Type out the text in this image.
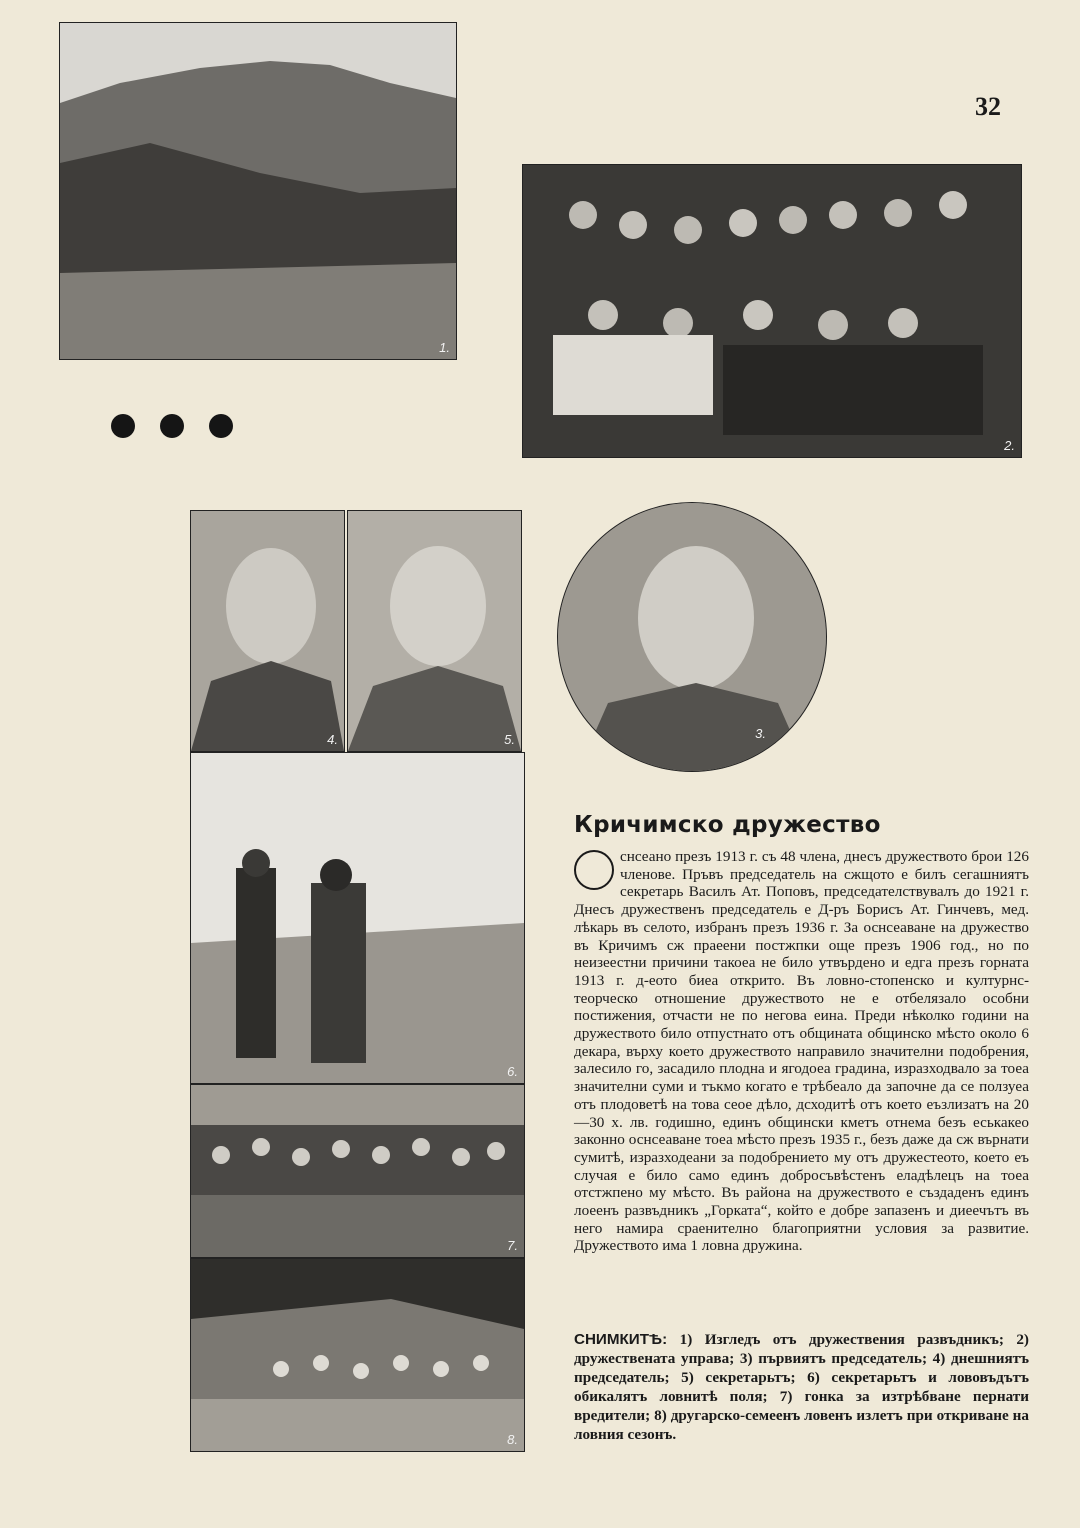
32
1.
2.
4.	5.	3.
6.
7.
8.
Кричимско дружество
снсеано презъ 1913 г. съ 48 члена, днесъ дружеството брои 126 членове. Пръвъ председатель на сжщото е билъ сегашниятъ секретарь Василъ Ат. Поповъ, председателствувалъ до 1921 г. Днесъ дружественъ председатель е Д-ръ Борисъ Ат. Гинчевъ, мед. лѣкарь въ селото, избранъ презъ 1936 г. За оснсеаване на дружество въ Кричимъ сж праеени постжпки още презъ 1906 год., но по неизеестни причини такоеа не било утвърдено и едга презъ горната 1913 г. д-еото биеа открито. Въ ловно-стопенско и културнс-теорческо отношение дружеството не е отбелязало особни постижения, отчасти не по негова еина. Преди нѣколко години на дружеството било отпустнато отъ общината общинско мѣсто около 6 декара, върху което дружеството направило значителни подобрения, залесило го, засадило плодна и ягодоеа градина, изразходвало за тоеа значителни суми и тъкмо когато е трѣбеало да започне да се ползуеа отъ плодоветѣ на това сеое дѣло, дсходитѣ отъ което еъзлизатъ на 20—30 х. лв. годишно, единъ общински кметъ отнема безъ еськакео законно оснсеаване тоеа мѣсто презъ 1935 г., безъ даже да сж върнати сумитѣ, изразходеани за подобрението му отъ дружестеото, което еъ случая е било само единъ добросъвѣстенъ еладѣлецъ на тоеа отстжпено му мѣсто. Въ района на дружеството е създаденъ единъ лоеенъ развъдникъ „Горката“, който е добре запазенъ и диеечътъ въ него намира сраенително благоприятни условия за развитие. Дружеството има 1 ловна дружина.
СНИМКИТѢ: 1) Изгледъ отъ дружествения развъдникъ; 2) дружествената управа; 3) първиятъ председатель; 4) днешниятъ председатель; 5) секретарьтъ; 6) секретарьтъ и лововъдътъ обикалятъ ловнитѣ поля; 7) гонка за изтрѣбване пернати вредители; 8) другарско-семеенъ ловенъ излетъ при откриване на ловния сезонъ.
